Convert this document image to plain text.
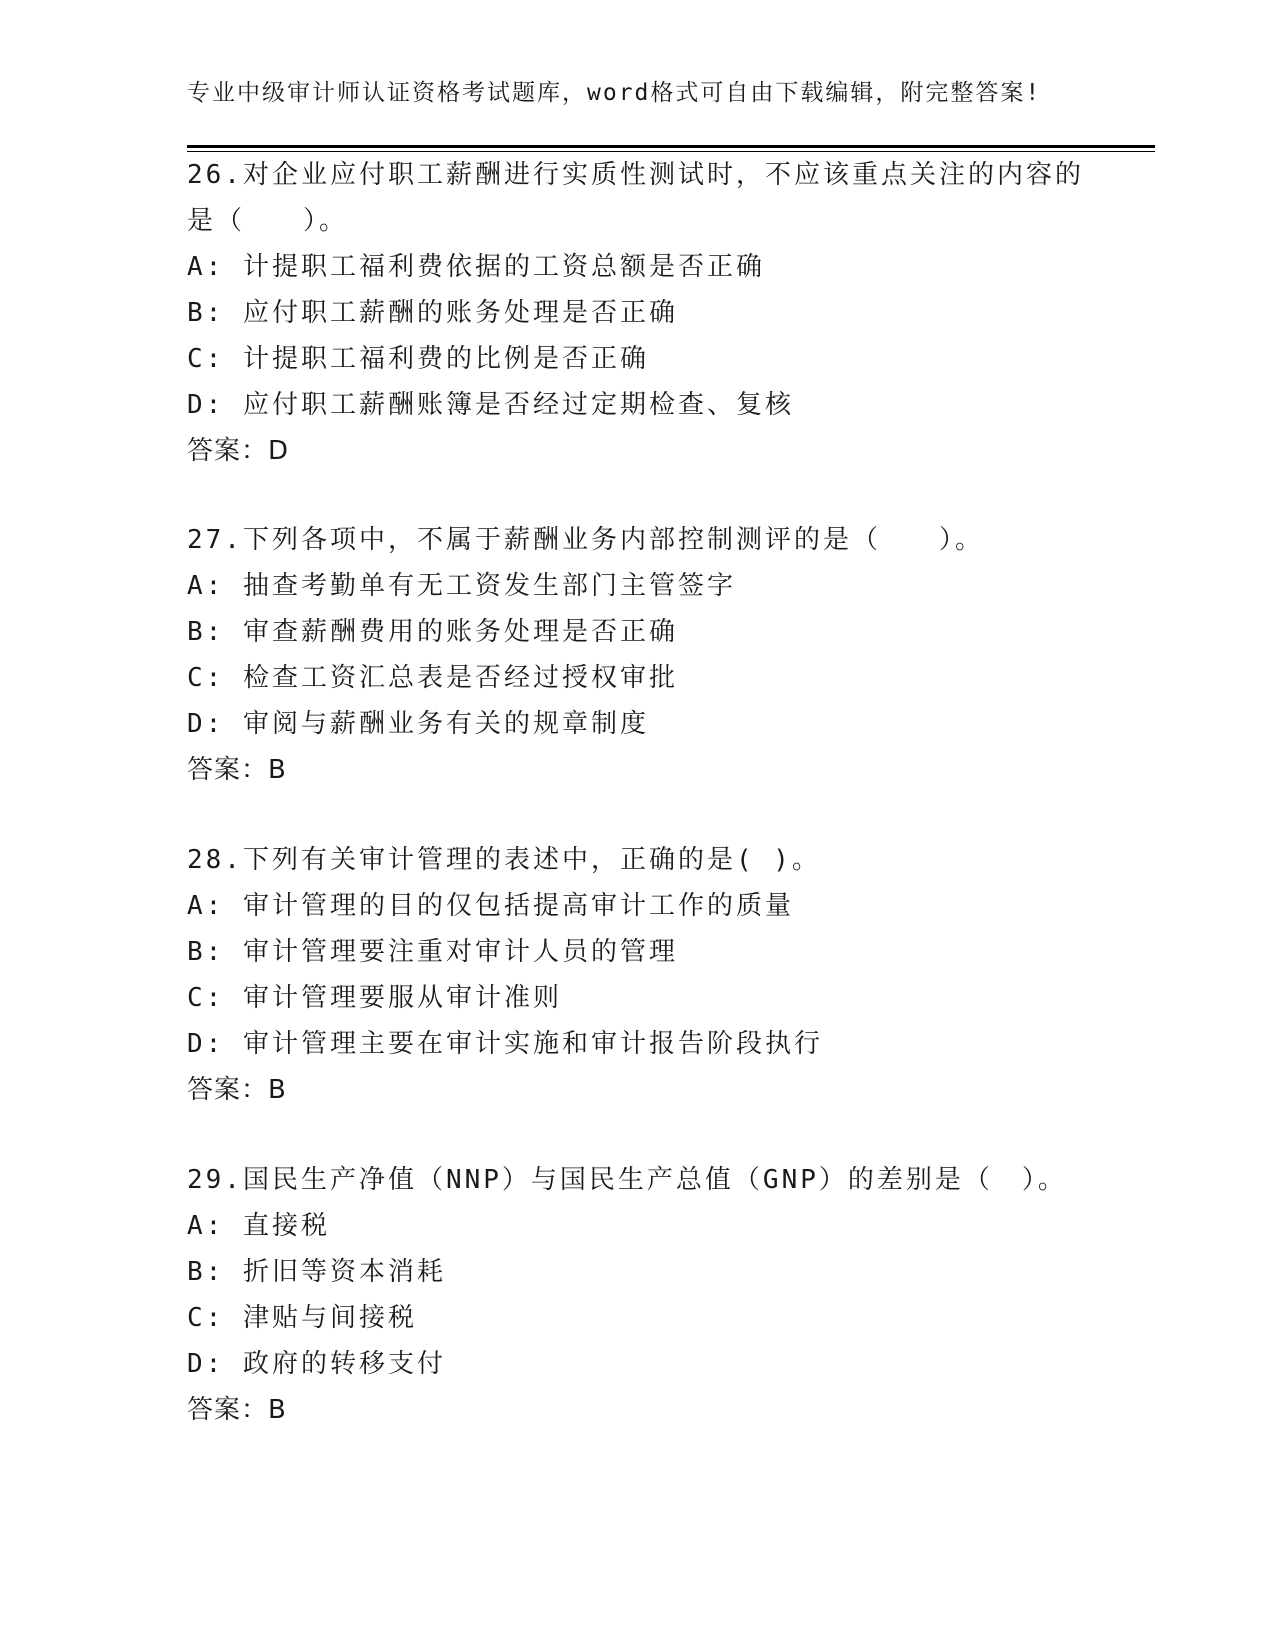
专业中级审计师认证资格考试题库，word格式可自由下载编辑，附完整答案!
26.对企业应付职工薪酬进行实质性测试时，不应该重点关注的内容的
是（　　）。
A: 计提职工福利费依据的工资总额是否正确
B: 应付职工薪酬的账务处理是否正确
C: 计提职工福利费的比例是否正确
D: 应付职工薪酬账簿是否经过定期检查、复核
答案：D
27.下列各项中，不属于薪酬业务内部控制测评的是（　　）。
A: 抽查考勤单有无工资发生部门主管签字
B: 审查薪酬费用的账务处理是否正确
C: 检查工资汇总表是否经过授权审批
D: 审阅与薪酬业务有关的规章制度
答案：B
28.下列有关审计管理的表述中，正确的是( )。
A: 审计管理的目的仅包括提高审计工作的质量
B: 审计管理要注重对审计人员的管理
C: 审计管理要服从审计准则
D: 审计管理主要在审计实施和审计报告阶段执行
答案：B
29.国民生产净值（NNP）与国民生产总值（GNP）的差别是（　）。
A: 直接税
B: 折旧等资本消耗
C: 津贴与间接税
D: 政府的转移支付
答案：B
